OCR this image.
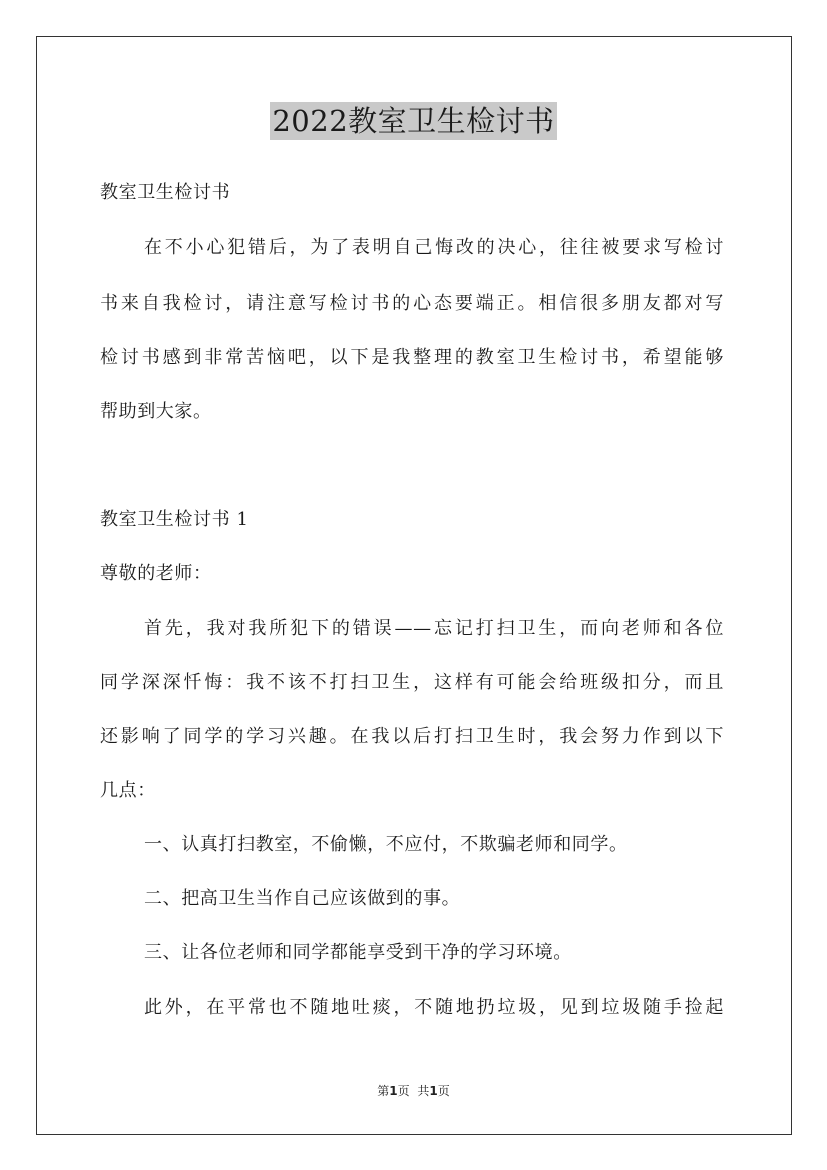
2022教室卫生检讨书
教室卫生检讨书
在不小心犯错后，为了表明自己悔改的决心，往往被要求写检讨
书来自我检讨，请注意写检讨书的心态要端正。相信很多朋友都对写
检讨书感到非常苦恼吧，以下是我整理的教室卫生检讨书，希望能够
帮助到大家。
教室卫生检讨书 1
尊敬的老师：
首先，我对我所犯下的错误——忘记打扫卫生，而向老师和各位
同学深深忏悔：我不该不打扫卫生，这样有可能会给班级扣分，而且
还影响了同学的学习兴趣。在我以后打扫卫生时，我会努力作到以下
几点：
一、认真打扫教室，不偷懒，不应付，不欺骗老师和同学。
二、把高卫生当作自己应该做到的事。
三、让各位老师和同学都能享受到干净的学习环境。
此外，在平常也不随地吐痰，不随地扔垃圾，见到垃圾随手捡起
第1页 共1页
